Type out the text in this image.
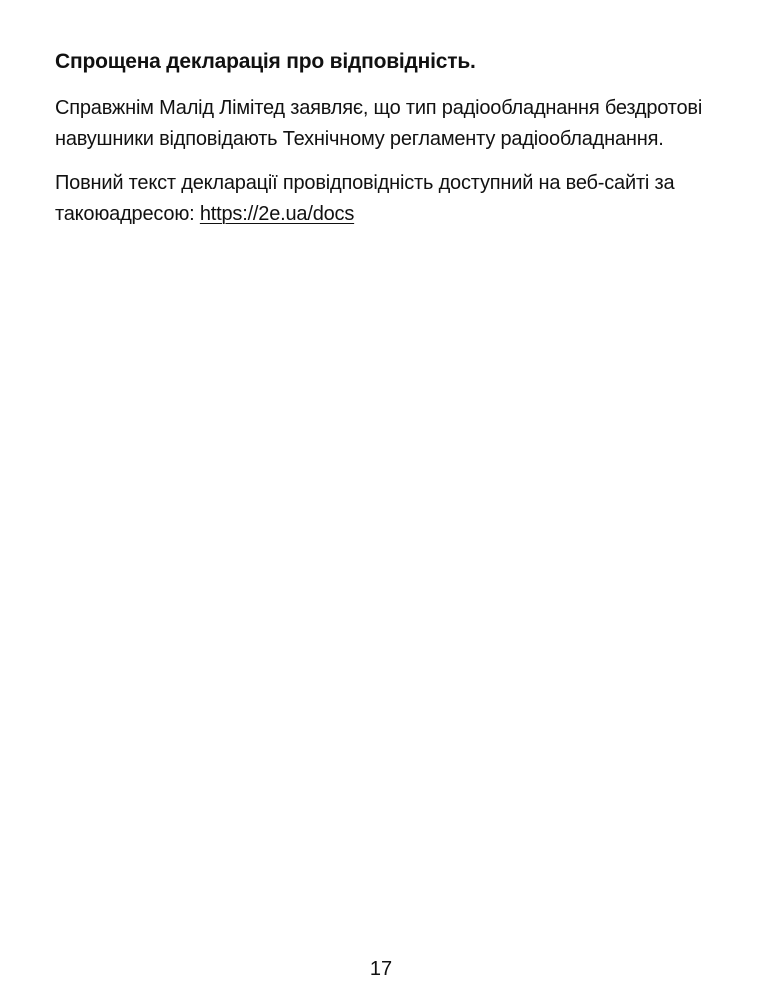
Спрощена декларація про відповідність.

Справжнім Малід Лімітед заявляє, що тип радіообладнання бездротові навушники відповідають Технічному регламенту радіообладнання.

Повний текст декларації провідповідність доступний на веб-сайті за такоюадресою: https://2e.ua/docs

17
